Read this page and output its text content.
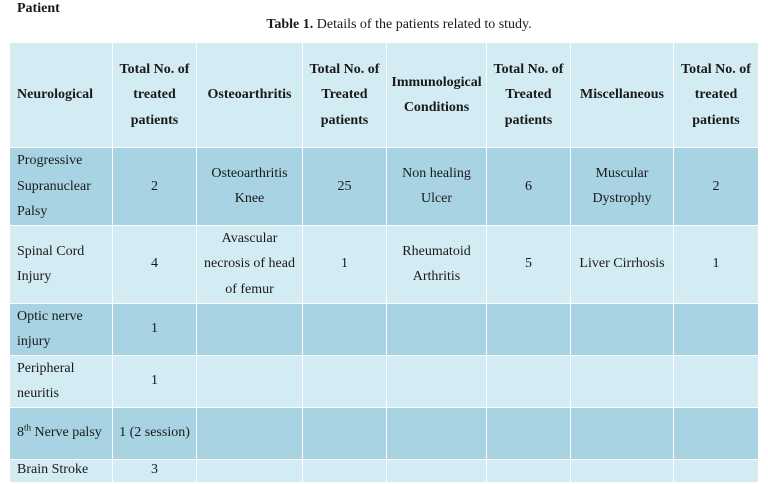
Patient
Table 1. Details of the patients related to study.
Neurological	Total No. of treated patients	Osteoarthritis	Total No. of Treated patients	Immunological Conditions	Total No. of Treated patients	Miscellaneous	Total No. of treated patients
Progressive Supranuclear Palsy	2	Osteoarthritis Knee	25	Non healing Ulcer	6	Muscular Dystrophy	2
Spinal Cord Injury	4	Avascular necrosis of head of femur	1	Rheumatoid Arthritis	5	Liver Cirrhosis	1
Optic nerve injury	1						
Peripheral neuritis	1						
8th Nerve palsy	1 (2 session)						
Brain Stroke	3						
